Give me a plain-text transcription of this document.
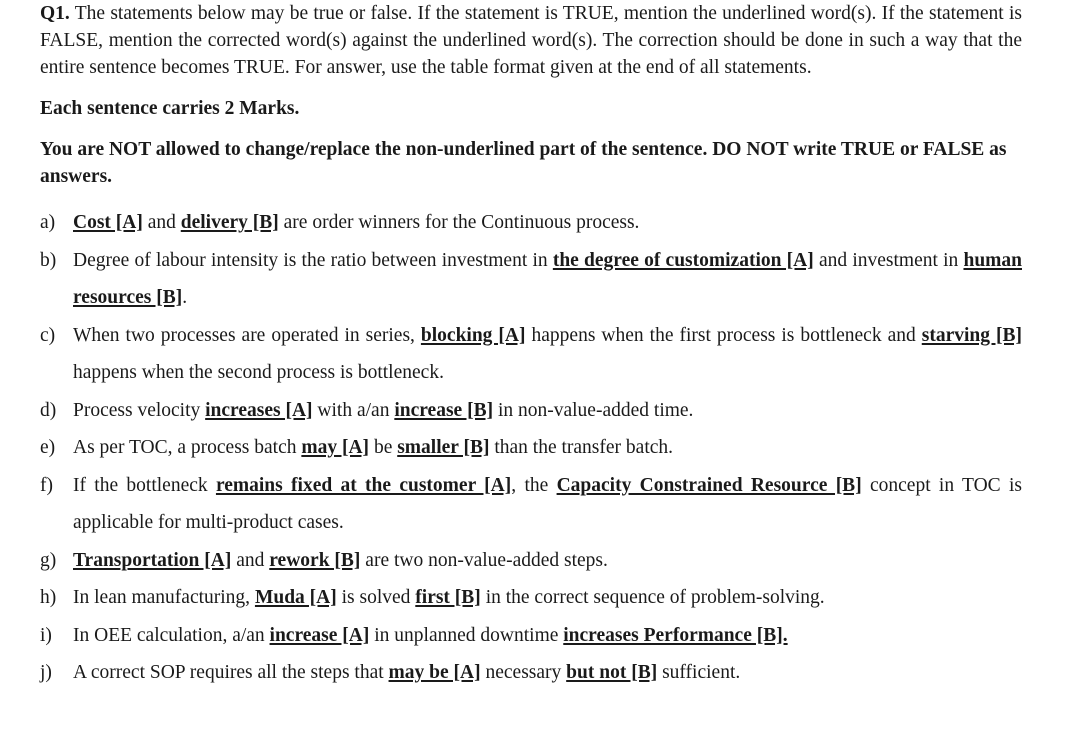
Q1. The statements below may be true or false. If the statement is TRUE, mention the underlined word(s). If the statement is FALSE, mention the corrected word(s) against the underlined word(s). The correction should be done in such a way that the entire sentence becomes TRUE. For answer, use the table format given at the end of all statements.

Each sentence carries 2 Marks.

You are NOT allowed to change/replace the non-underlined part of the sentence. DO NOT write TRUE or FALSE as answers.

a) Cost [A] and delivery [B] are order winners for the Continuous process.
b) Degree of labour intensity is the ratio between investment in the degree of customization [A] and investment in human resources [B].
c) When two processes are operated in series, blocking [A] happens when the first process is bottleneck and starving [B] happens when the second process is bottleneck.
d) Process velocity increases [A] with a/an increase [B] in non-value-added time.
e) As per TOC, a process batch may [A] be smaller [B] than the transfer batch.
f) If the bottleneck remains fixed at the customer [A], the Capacity Constrained Resource [B] concept in TOC is applicable for multi-product cases.
g) Transportation [A] and rework [B] are two non-value-added steps.
h) In lean manufacturing, Muda [A] is solved first [B] in the correct sequence of problem-solving.
i) In OEE calculation, a/an increase [A] in unplanned downtime increases Performance [B].
j) A correct SOP requires all the steps that may be [A] necessary but not [B] sufficient.
